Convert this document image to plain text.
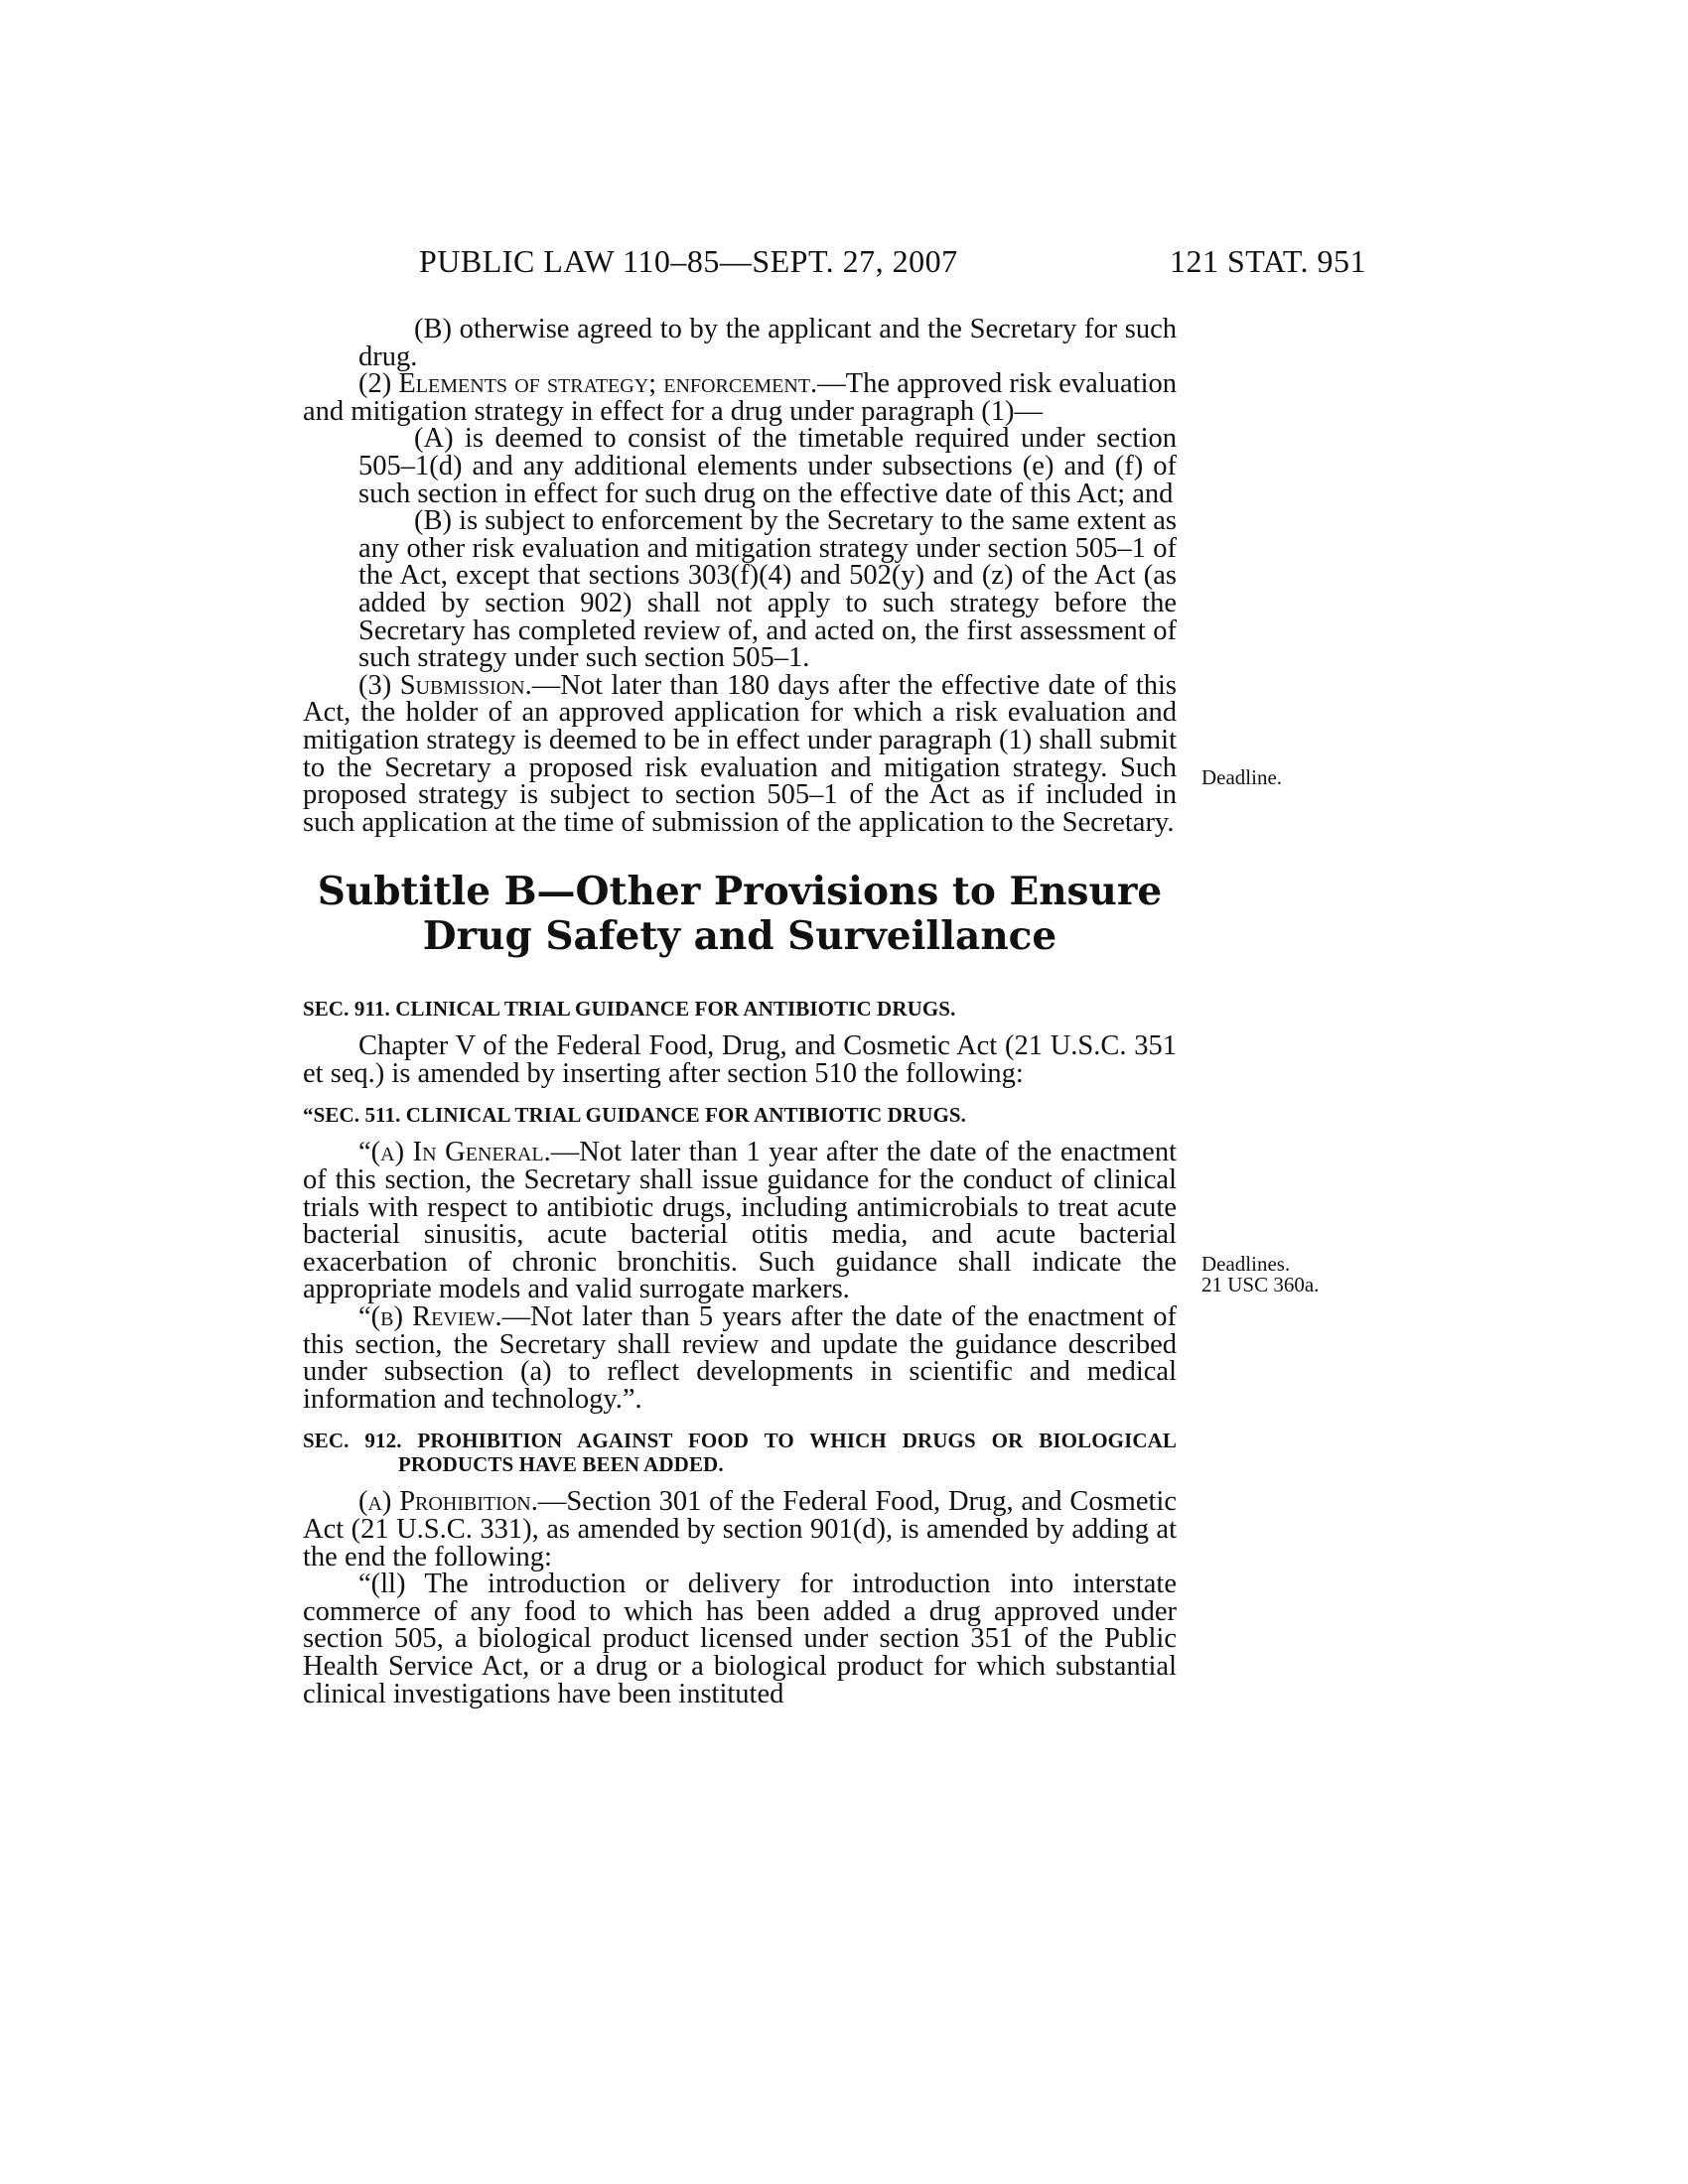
PUBLIC LAW 110–85—SEPT. 27, 2007	121 STAT. 951
Deadline.
Deadlines.
21 USC 360a.

(B) otherwise agreed to by the applicant and the Secretary for such drug.

(2) Elements of strategy; enforcement.—The approved risk evaluation and mitigation strategy in effect for a drug under paragraph (1)—

(A) is deemed to consist of the timetable required under section 505–1(d) and any additional elements under subsections (e) and (f) of such section in effect for such drug on the effective date of this Act; and

(B) is subject to enforcement by the Secretary to the same extent as any other risk evaluation and mitigation strategy under section 505–1 of the Act, except that sections 303(f)(4) and 502(y) and (z) of the Act (as added by section 902) shall not apply to such strategy before the Secretary has completed review of, and acted on, the first assessment of such strategy under such section 505–1.

(3) Submission.—Not later than 180 days after the effective date of this Act, the holder of an approved application for which a risk evaluation and mitigation strategy is deemed to be in effect under paragraph (1) shall submit to the Secretary a proposed risk evaluation and mitigation strategy. Such proposed strategy is subject to section 505–1 of the Act as if included in such application at the time of submission of the application to the Secretary.

Subtitle B—Other Provisions to Ensure
Drug Safety and Surveillance
SEC. 911. CLINICAL TRIAL GUIDANCE FOR ANTIBIOTIC DRUGS.

Chapter V of the Federal Food, Drug, and Cosmetic Act (21 U.S.C. 351 et seq.) is amended by inserting after section 510 the following:

“SEC. 511. CLINICAL TRIAL GUIDANCE FOR ANTIBIOTIC DRUGS.

“(a) In General.—Not later than 1 year after the date of the enactment of this section, the Secretary shall issue guidance for the conduct of clinical trials with respect to antibiotic drugs, including antimicrobials to treat acute bacterial sinusitis, acute bacterial otitis media, and acute bacterial exacerbation of chronic bronchitis. Such guidance shall indicate the appropriate models and valid surrogate markers.

“(b) Review.—Not later than 5 years after the date of the enactment of this section, the Secretary shall review and update the guidance described under subsection (a) to reflect developments in scientific and medical information and technology.”.

SEC. 912. PROHIBITION AGAINST FOOD TO WHICH DRUGS OR BIOLOGICAL PRODUCTS HAVE BEEN ADDED.

(a) Prohibition.—Section 301 of the Federal Food, Drug, and Cosmetic Act (21 U.S.C. 331), as amended by section 901(d), is amended by adding at the end the following:

“(ll) The introduction or delivery for introduction into interstate commerce of any food to which has been added a drug approved under section 505, a biological product licensed under section 351 of the Public Health Service Act, or a drug or a biological product for which substantial clinical investigations have been instituted
